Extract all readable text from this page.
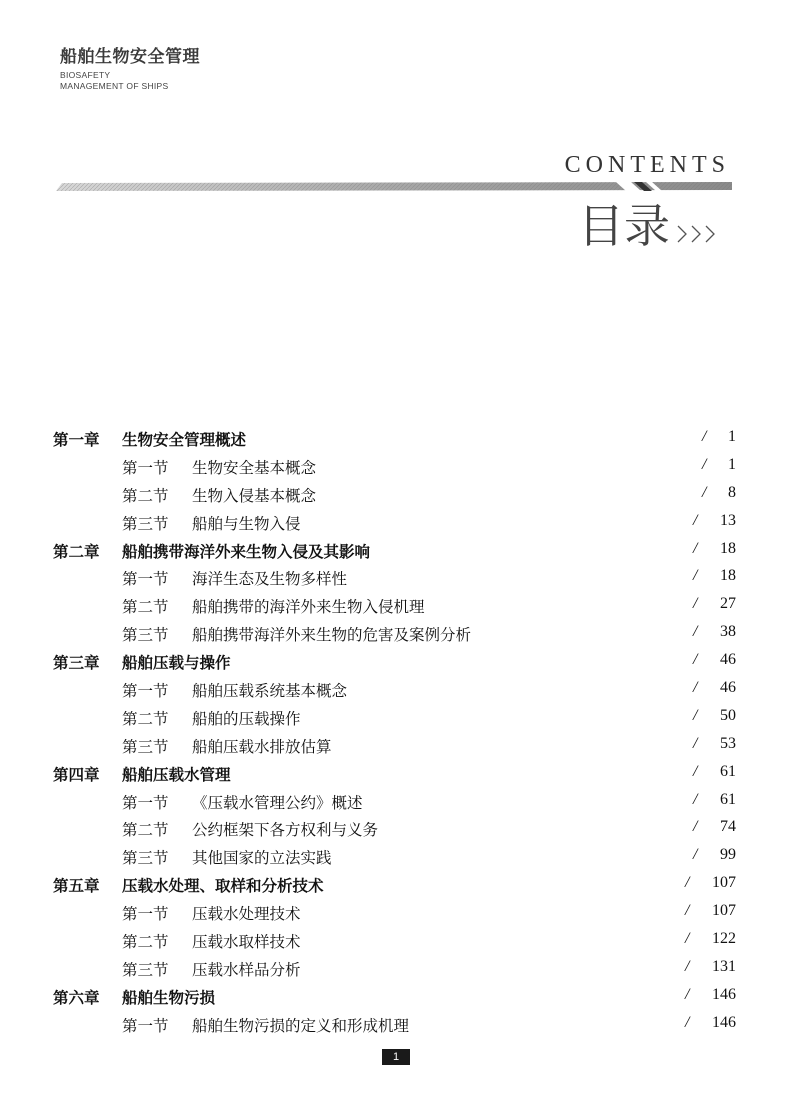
船舶生物安全管理
BIOSAFETY
MANAGEMENT OF SHIPS
CONTENTS
目录
第一章 生物安全管理概述	/ 1
第一节 生物安全基本概念	/ 1
第二节 生物入侵基本概念	/ 8
第三节 船舶与生物入侵	/ 13
第二章 船舶携带海洋外来生物入侵及其影响	/ 18
第一节 海洋生态及生物多样性	/ 18
第二节 船舶携带的海洋外来生物入侵机理	/ 27
第三节 船舶携带海洋外来生物的危害及案例分析	/ 38
第三章 船舶压载与操作	/ 46
第一节 船舶压载系统基本概念	/ 46
第二节 船舶的压载操作	/ 50
第三节 船舶压载水排放估算	/ 53
第四章 船舶压载水管理	/ 61
第一节 《压载水管理公约》概述	/ 61
第二节 公约框架下各方权利与义务	/ 74
第三节 其他国家的立法实践	/ 99
第五章 压载水处理、取样和分析技术	/ 107
第一节 压载水处理技术	/ 107
第二节 压载水取样技术	/ 122
第三节 压载水样品分析	/ 131
第六章 船舶生物污损	/ 146
第一节 船舶生物污损的定义和形成机理	/ 146
1
